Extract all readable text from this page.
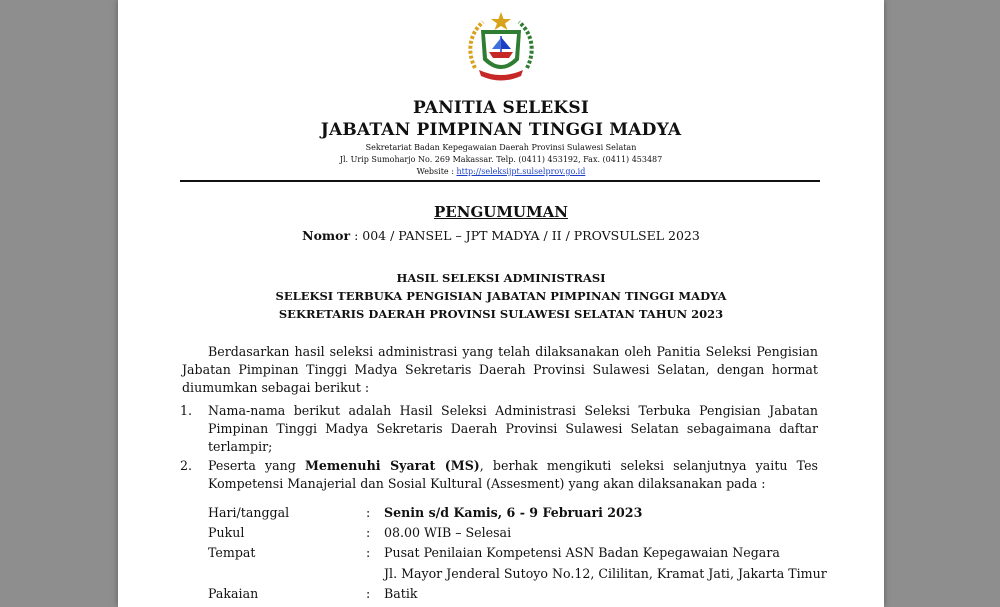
PANITIA SELEKSI
JABATAN PIMPINAN TINGGI MADYA
Sekretariat Badan Kepegawaian Daerah Provinsi Sulawesi Selatan
Jl. Urip Sumoharjo No. 269 Makassar. Telp. (0411) 453192, Fax. (0411) 453487
Website : http://seleksijpt.sulselprov.go.id
PENGUMUMAN
Nomor : 004 / PANSEL – JPT MADYA / II / PROVSULSEL 2023
HASIL SELEKSI ADMINISTRASI
SELEKSI TERBUKA PENGISIAN JABATAN PIMPINAN TINGGI MADYA
SEKRETARIS DAERAH PROVINSI SULAWESI SELATAN TAHUN 2023
Berdasarkan hasil seleksi administrasi yang telah dilaksanakan oleh Panitia Seleksi Pengisian Jabatan Pimpinan Tinggi Madya Sekretaris Daerah Provinsi Sulawesi Selatan, dengan hormat diumumkan sebagai berikut :
1. Nama-nama berikut adalah Hasil Seleksi Administrasi Seleksi Terbuka Pengisian Jabatan Pimpinan Tinggi Madya Sekretaris Daerah Provinsi Sulawesi Selatan sebagaimana daftar terlampir;
2. Peserta yang Memenuhi Syarat (MS), berhak mengikuti seleksi selanjutnya yaitu Tes Kompetensi Manajerial dan Sosial Kultural (Assesment) yang akan dilaksanakan pada :
Hari/tanggal	: Senin s/d Kamis, 6 - 9 Februari 2023
Pukul	: 08.00 WIB – Selesai
Tempat	: Pusat Penilaian Kompetensi ASN Badan Kepegawaian Negara
Jl. Mayor Jenderal Sutoyo No.12, Cililitan, Kramat Jati, Jakarta Timur
Pakaian	: Batik
